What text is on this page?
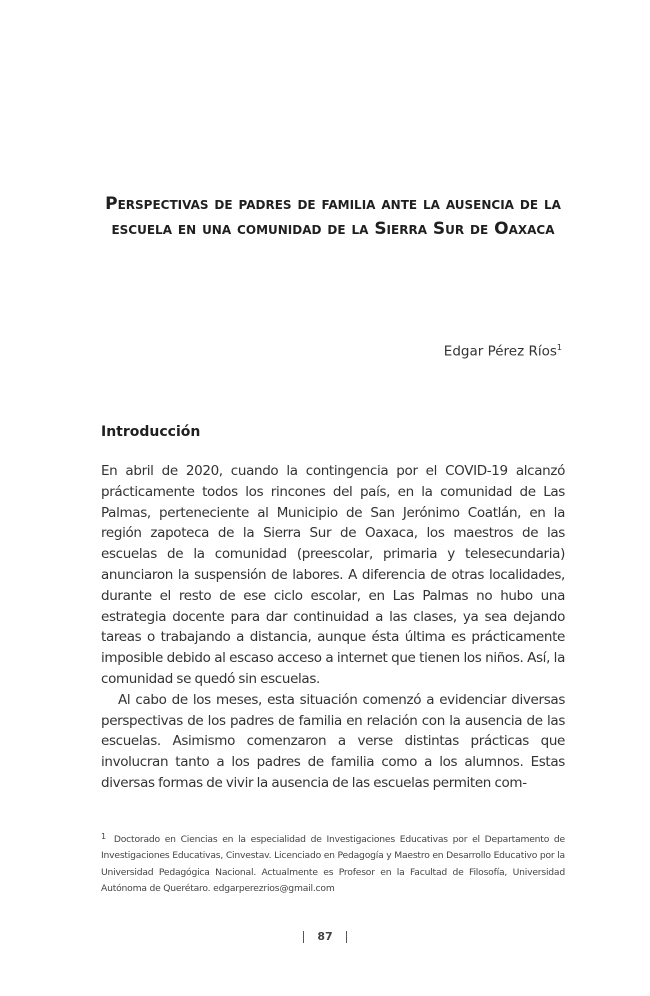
Perspectivas de padres de familia ante la ausencia de la escuela en una comunidad de la Sierra Sur de Oaxaca
Edgar Pérez Ríos$^1$
Introducción

En abril de 2020, cuando la contingencia por el COVID-19 alcanzó prácticamente todos los rincones del país, en la comunidad de Las Palmas, perteneciente al Municipio de San Jerónimo Coatlán, en la región zapoteca de la Sierra Sur de Oaxaca, los maestros de las escuelas de la comunidad (preescolar, primaria y telesecundaria) anunciaron la suspensión de labores. A diferencia de otras localidades, durante el resto de ese ciclo escolar, en Las Palmas no hubo una estrategia docente para dar continuidad a las clases, ya sea dejando tareas o trabajando a distancia, aunque ésta última es prácticamente imposible debido al escaso acceso a internet que tienen los niños. Así, la comunidad se quedó sin escuelas.

Al cabo de los meses, esta situación comenzó a evidenciar diversas perspectivas de los padres de familia en relación con la ausencia de las escuelas. Asimismo comenzaron a verse distintas prácticas que involucran tanto a los padres de familia como a los alumnos. Estas diversas formas de vivir la ausencia de las escuelas permiten com-

1 Doctorado en Ciencias en la especialidad de Investigaciones Educativas por el Departamento de Investigaciones Educativas, Cinvestav. Licenciado en Pedagogía y Maestro en Desarrollo Educativo por la Universidad Pedagógica Nacional. Actualmente es Profesor en la Facultad de Filosofía, Universidad Autónoma de Querétaro. edgarperezrios@gmail.com
87
